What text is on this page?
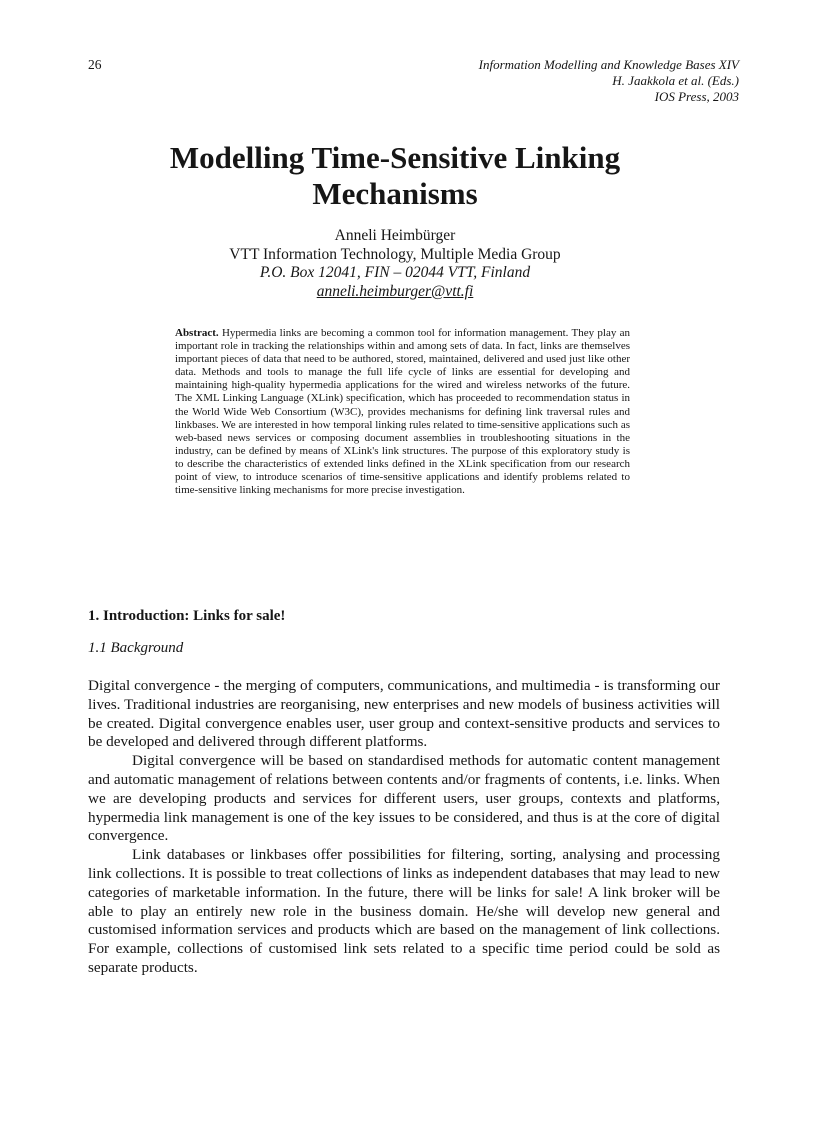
26	Information Modelling and Knowledge Bases XIV
H. Jaakkola et al. (Eds.)
IOS Press, 2003
Modelling Time-Sensitive Linking
Mechanisms
Anneli Heimbürger
VTT Information Technology, Multiple Media Group
P.O. Box 12041, FIN – 02044 VTT, Finland
anneli.heimburger@vtt.fi
Abstract. Hypermedia links are becoming a common tool for information management. They play an important role in tracking the relationships within and among sets of data. In fact, links are themselves important pieces of data that need to be authored, stored, maintained, delivered and used just like other data. Methods and tools to manage the full life cycle of links are essential for developing and maintaining high-quality hypermedia applications for the wired and wireless networks of the future. The XML Linking Language (XLink) specification, which has proceeded to recommendation status in the World Wide Web Consortium (W3C), provides mechanisms for defining link traversal rules and linkbases. We are interested in how temporal linking rules related to time-sensitive applications such as web-based news services or composing document assemblies in troubleshooting situations in the industry, can be defined by means of XLink's link structures. The purpose of this exploratory study is to describe the characteristics of extended links defined in the XLink specification from our research point of view, to introduce scenarios of time-sensitive applications and identify problems related to time-sensitive linking mechanisms for more precise investigation.
1. Introduction: Links for sale!
1.1 Background

Digital convergence - the merging of computers, communications, and multimedia - is transforming our lives. Traditional industries are reorganising, new enterprises and new models of business activities will be created. Digital convergence enables user, user group and context-sensitive products and services to be developed and delivered through different platforms.

Digital convergence will be based on standardised methods for automatic content management and automatic management of relations between contents and/or fragments of contents, i.e. links. When we are developing products and services for different users, user groups, contexts and platforms, hypermedia link management is one of the key issues to be considered, and thus is at the core of digital convergence.

Link databases or linkbases offer possibilities for filtering, sorting, analysing and processing link collections. It is possible to treat collections of links as independent databases that may lead to new categories of marketable information. In the future, there will be links for sale! A link broker will be able to play an entirely new role in the business domain. He/she will develop new general and customised information services and products which are based on the management of link collections. For example, collections of customised link sets related to a specific time period could be sold as separate products.
